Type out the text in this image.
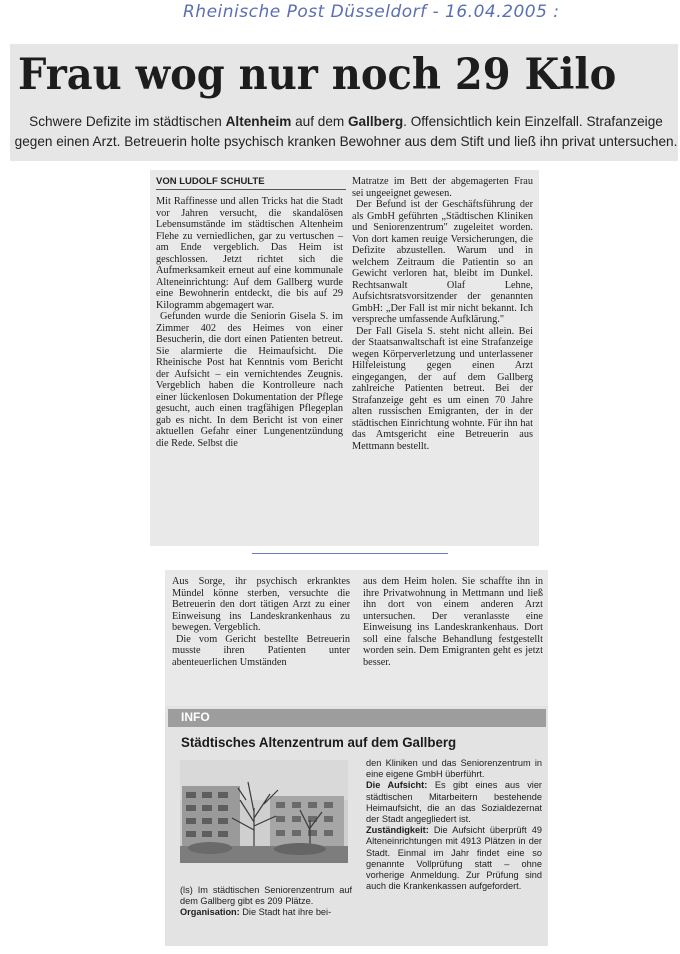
Rheinische Post Düsseldorf - 16.04.2005 :
Frau wog nur noch 29 Kilo
Schwere Defizite im städtischen Altenheim auf dem Gallberg. Offensichtlich kein Einzelfall. Strafanzeige gegen einen Arzt. Betreuerin holte psychisch kranken Bewohner aus dem Stift und ließ ihn privat untersuchen.
VON LUDOLF SCHULTE

Mit Raffinesse und allen Tricks hat die Stadt vor Jahren versucht, die skandalösen Lebensumstände im städtischen Altenheim Flehe zu verniedlichen, gar zu vertuschen – am Ende vergeblich. Das Heim ist geschlossen. Jetzt richtet sich die Aufmerksamkeit erneut auf eine kommunale Alteneinrichtung: Auf dem Gallberg wurde eine Bewohnerin entdeckt, die bis auf 29 Kilogramm abgemagert war.

Gefunden wurde die Seniorin Gisela S. im Zimmer 402 des Heimes von einer Besucherin, die dort einen Patienten betreut. Sie alarmierte die Heimaufsicht. Die Rheinische Post hat Kenntnis vom Bericht der Aufsicht – ein vernichtendes Zeugnis. Vergeblich haben die Kontrolleure nach einer lückenlosen Dokumentation der Pflege gesucht, auch einen tragfähigen Pflegeplan gab es nicht. In dem Bericht ist von einer aktuellen Gefahr einer Lungenentzündung die Rede. Selbst die

Matratze im Bett der abgemagerten Frau sei ungeeignet gewesen.

Der Befund ist der Geschäftsführung der als GmbH geführten „Städtischen Kliniken und Seniorenzentrum" zugeleitet worden. Von dort kamen reuige Versicherungen, die Defizite abzustellen. Warum und in welchem Zeitraum die Patientin so an Gewicht verloren hat, bleibt im Dunkel. Rechtsanwalt Olaf Lehne, Aufsichtsratsvorsitzender der genannten GmbH: „Der Fall ist mir nicht bekannt. Ich verspreche umfassende Aufklärung."

Der Fall Gisela S. steht nicht allein. Bei der Staatsanwaltschaft ist eine Strafanzeige wegen Körperverletzung und unterlassener Hilfeleistung gegen einen Arzt eingegangen, der auf dem Gallberg zahlreiche Patienten betreut. Bei der Strafanzeige geht es um einen 70 Jahre alten russischen Emigranten, der in der städtischen Einrichtung wohnte. Für ihn hat das Amtsgericht eine Betreuerin aus Mettmann bestellt.

Aus Sorge, ihr psychisch erkranktes Mündel könne sterben, versuchte die Betreuerin den dort tätigen Arzt zu einer Einweisung ins Landeskrankenhaus zu bewegen. Vergeblich.

Die vom Gericht bestellte Betreuerin musste ihren Patienten unter abenteuerlichen Umständen

aus dem Heim holen. Sie schaffte ihn in ihre Privatwohnung in Mettmann und ließ ihn dort von einem anderen Arzt untersuchen. Der veranlasste eine Einweisung ins Landeskrankenhaus. Dort soll eine falsche Behandlung festgestellt worden sein. Dem Emigranten geht es jetzt besser.

INFO
Städtisches Altenzentrum auf dem Gallberg

(ls) Im städtischen Seniorenzentrum auf dem Gallberg gibt es 209 Plätze.

Organisation: Die Stadt hat ihre bei-

den Kliniken und das Seniorenzentrum in eine eigene GmbH überführt.

Die Aufsicht: Es gibt eines aus vier städtischen Mitarbeitern bestehende Heimaufsicht, die an das Sozialdezernat der Stadt angegliedert ist.

Zuständigkeit: Die Aufsicht überprüft 49 Alteneinrichtungen mit 4913 Plätzen in der Stadt. Einmal im Jahr findet eine so genannte Vollprüfung statt – ohne vorherige Anmeldung. Zur Prüfung sind auch die Krankenkassen aufgefordert.
